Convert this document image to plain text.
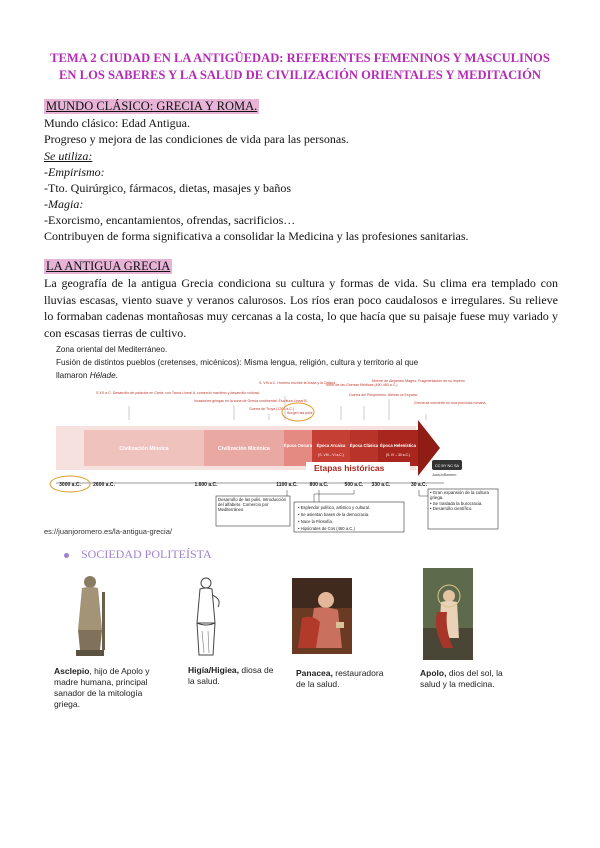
TEMA 2 CIUDAD EN LA ANTIGÜEDAD: REFERENTES FEMENINOS Y MASCULINOS EN LOS SABERES Y LA SALUD DE CIVILIZACIÓN ORIENTALES Y MEDITACIÓN
MUNDO CLÁSICO: GRECIA Y ROMA.
Mundo clásico: Edad Antigua.
Progreso y mejora de las condiciones de vida para las personas.
Se utiliza:
-Empirismo:
-Tto. Quirúrgico, fármacos, dietas, masajes y baños
-Magia:
-Exorcismo, encantamientos, ofrendas, sacrificios…
Contribuyen de forma significativa a consolidar la Medicina y las profesiones sanitarias.
LA ANTIGUA GRECIA
La geografía de la antigua Grecia condiciona su cultura y formas de vida. Su clima era templado con lluvias escasas, viento suave y veranos calurosos. Los ríos eran poco caudalosos e irregulares. Su relieve lo formaban cadenas montañosas muy cercanas a la costa, lo que hacía que su paisaje fuese muy variado y con escasas tierras de cultivo.
Zona oriental del Mediterráneo.
Fusión de distintos pueblos (cretenses, micénicos): Misma lengua, religión, cultura y territorio al que
llamaron Hélade.
S.XX a.C. Desarrollo de palacios en Creta, con Tacos Lineal A, comercio marítimo y desarrollo cultural.
Invasiones griegas en la zona de Grecia continental. Escritura Lineal B.
Guerra de Troya (1200 a.C.)
S. VIII a.C. Homero escribe la Ilíada y la Odisea
Inicio de las Guerras Médicas (490-480 a.C.)
Guerra del Peloponeso. Atenas vs Esparta
Muerte de Alejandro Magno. Fragmentación de su imperio
Grecia se convierte en una provincia romana
Surgen las polis
Civilización Minoica	Civilización Micénica
Época Oscura Época Arcaica
(S. VIII – VI a.C.)
Época Clásica Época Helenística
(S. IV – 30 a.C.)
Etapas históricas	CC BY NC SA
JuanJoRomero
3000 a.C. 2600 a.C.	1.600 a.C.	1100 a.C. 800 a.C.	500 a.C. 330 a.C.	30 a.C.
Desarrollo de las polis. Introducción del alfabeto. Comercio por Mediterráneo	• Esplendor político, artístico y cultural.
• Se asientan bases de la democracia.
• Nace la Filosofía.
• Hipócrates de Cos (460 a.C.)
• Gran expansión de la cultura griega.
• Se traslada la burocracia.
• Desarrollo científico.
es://juanjoromero.es/la-antigua-grecia/
SOCIEDAD POLITEÍSTA
Asclepio, hijo de Apolo y madre humana, principal sanador de la mitología griega.
Higía/Higiea, diosa de la salud.
Panacea, restauradora de la salud.
Apolo, dios del sol, la salud y la medicina.
